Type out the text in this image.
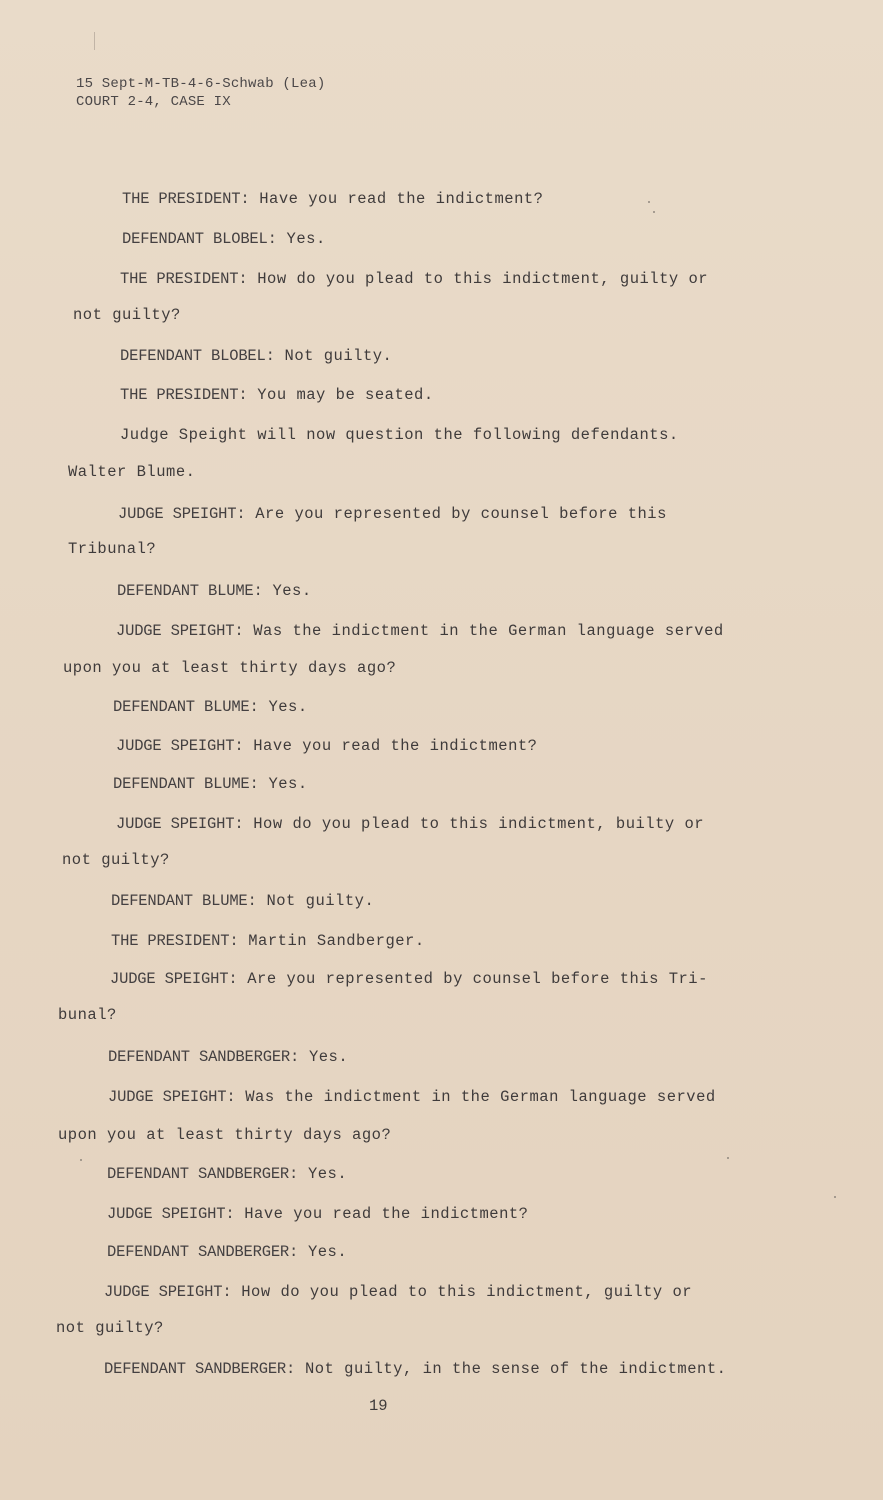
15 Sept-M-TB-4-6-Schwab (Lea)
COURT 2-4, CASE IX
THE PRESIDENT: Have you read the indictment?
DEFENDANT BLOBEL: Yes.
THE PRESIDENT: How do you plead to this indictment, guilty or
not guilty?
DEFENDANT BLOBEL: Not guilty.
THE PRESIDENT: You may be seated.
Judge Speight will now question the following defendants.
Walter Blume.
JUDGE SPEIGHT: Are you represented by counsel before this
Tribunal?
DEFENDANT BLUME: Yes.
JUDGE SPEIGHT: Was the indictment in the German language served
upon you at least thirty days ago?
DEFENDANT BLUME: Yes.
JUDGE SPEIGHT: Have you read the indictment?
DEFENDANT BLUME: Yes.
JUDGE SPEIGHT: How do you plead to this indictment, builty or
not guilty?
DEFENDANT BLUME: Not guilty.
THE PRESIDENT: Martin Sandberger.
JUDGE SPEIGHT: Are you represented by counsel before this Tri-
bunal?
DEFENDANT SANDBERGER: Yes.
JUDGE SPEIGHT: Was the indictment in the German language served
upon you at least thirty days ago?
DEFENDANT SANDBERGER: Yes.
JUDGE SPEIGHT: Have you read the indictment?
DEFENDANT SANDBERGER: Yes.
JUDGE SPEIGHT: How do you plead to this indictment, guilty or
not guilty?
DEFENDANT SANDBERGER: Not guilty, in the sense of the indictment.
19
